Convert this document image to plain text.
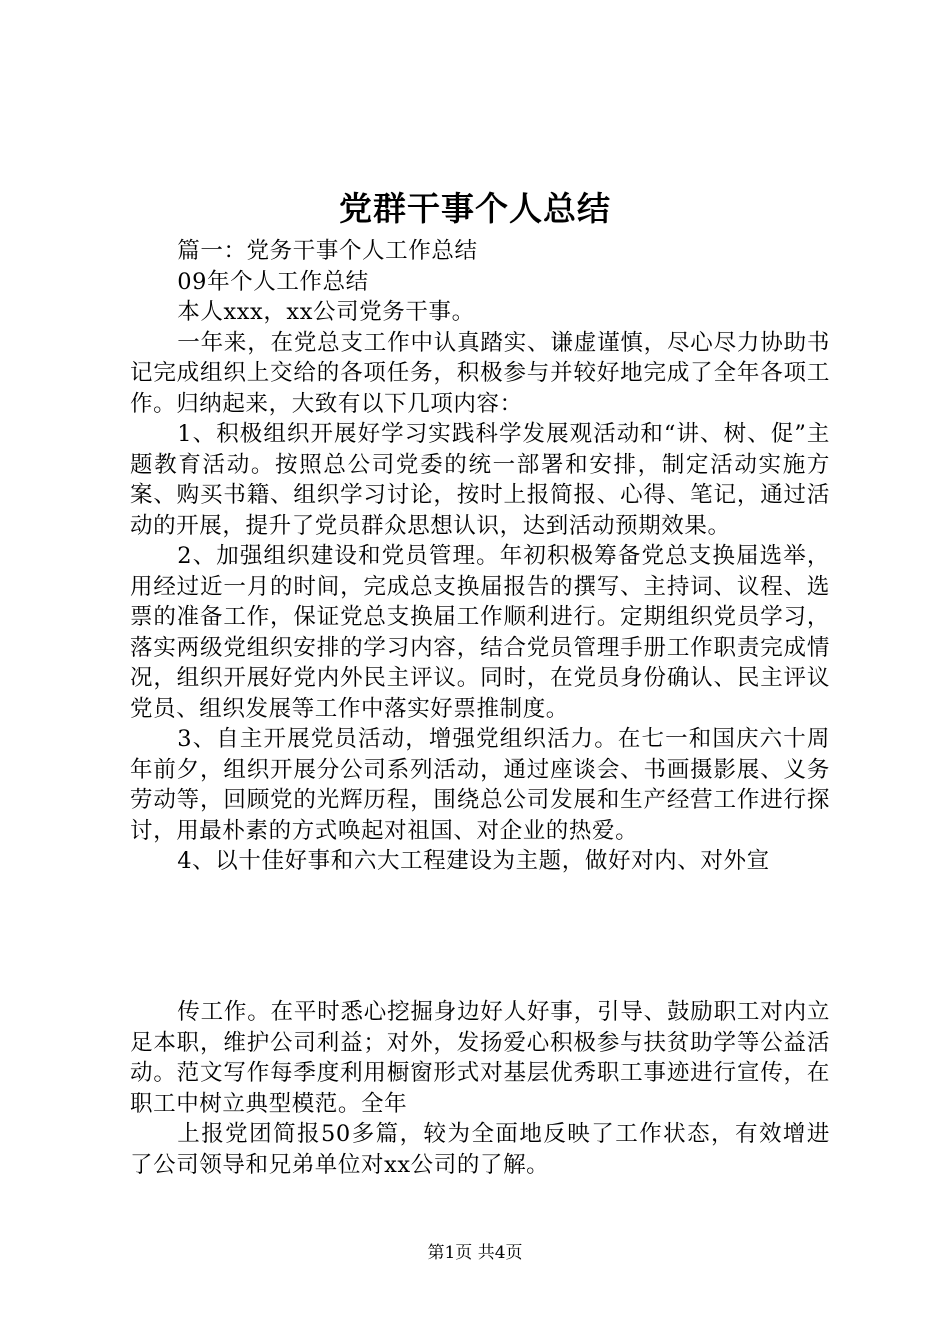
党群干事个人总结

篇一：党务干事个人工作总结

09年个人工作总结

本人xxx，xx公司党务干事。

一年来，在党总支工作中认真踏实、谦虚谨慎，尽心尽力协助书记完成组织上交给的各项任务，积极参与并较好地完成了全年各项工作。归纳起来，大致有以下几项内容：

1、积极组织开展好学习实践科学发展观活动和“讲、树、促”主题教育活动。按照总公司党委的统一部署和安排，制定活动实施方案、购买书籍、组织学习讨论，按时上报简报、心得、笔记，通过活动的开展，提升了党员群众思想认识，达到活动预期效果。

2、加强组织建设和党员管理。年初积极筹备党总支换届选举，用经过近一月的时间，完成总支换届报告的撰写、主持词、议程、选票的准备工作，保证党总支换届工作顺利进行。定期组织党员学习，落实两级党组织安排的学习内容，结合党员管理手册工作职责完成情况，组织开展好党内外民主评议。同时，在党员身份确认、民主评议党员、组织发展等工作中落实好票推制度。

3、自主开展党员活动，增强党组织活力。在七一和国庆六十周年前夕，组织开展分公司系列活动，通过座谈会、书画摄影展、义务劳动等，回顾党的光辉历程，围绕总公司发展和生产经营工作进行探讨，用最朴素的方式唤起对祖国、对企业的热爱。

4、以十佳好事和六大工程建设为主题，做好对内、对外宣

传工作。在平时悉心挖掘身边好人好事，引导、鼓励职工对内立足本职，维护公司利益；对外，发扬爱心积极参与扶贫助学等公益活动。范文写作每季度利用橱窗形式对基层优秀职工事迹进行宣传，在职工中树立典型模范。全年

上报党团简报50多篇，较为全面地反映了工作状态，有效增进了公司领导和兄弟单位对xx公司的了解。

第1页 共4页
